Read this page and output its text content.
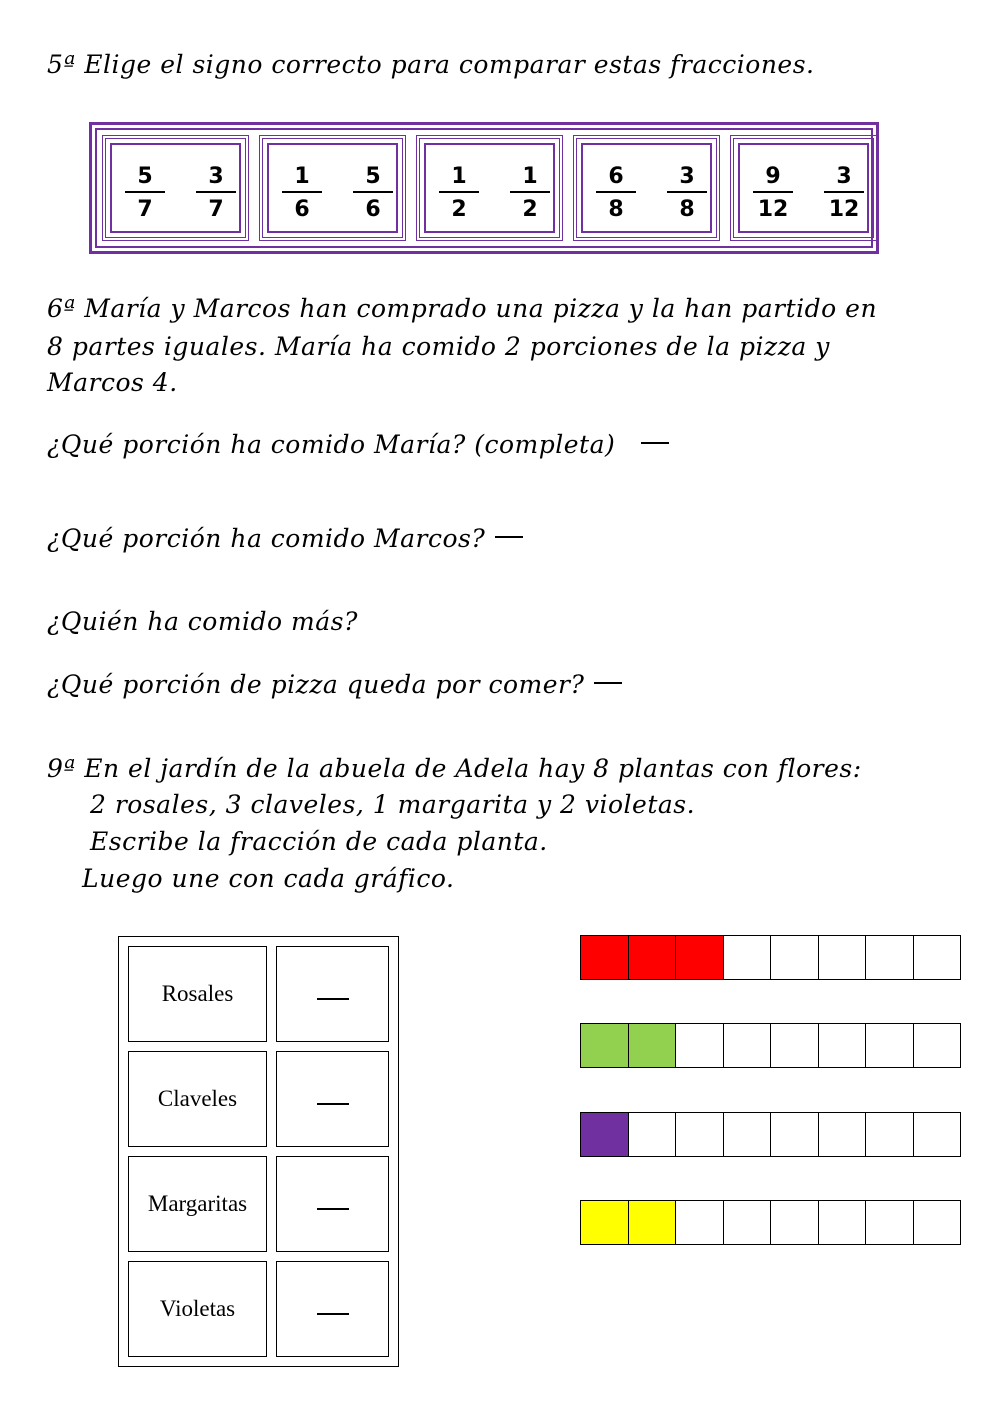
5ª Elige el signo correcto para comparar estas fracciones.
$\frac{5}{7} \frac{3}{7} \frac{1}{6} \frac{5}{6} \frac{1}{2} \frac{1}{2} \frac{6}{8} \frac{3}{8} \frac{9}{12} \frac{3}{12}$
6ª María y Marcos han comprado una pizza y la han partido en
8 partes iguales. María ha comido 2 porciones de la pizza y
Marcos 4.
¿Qué porción ha comido María? (completa)
¿Qué porción ha comido Marcos?
¿Quién ha comido más?
¿Qué porción de pizza queda por comer?
9ª En el jardín de la abuela de Adela hay 8 plantas con flores:
2 rosales, 3 claveles, 1 margarita y 2 violetas.
Escribe la fracción de cada planta.
Luego une con cada gráfico.
Rosales
Claveles
Margaritas
Violetas
